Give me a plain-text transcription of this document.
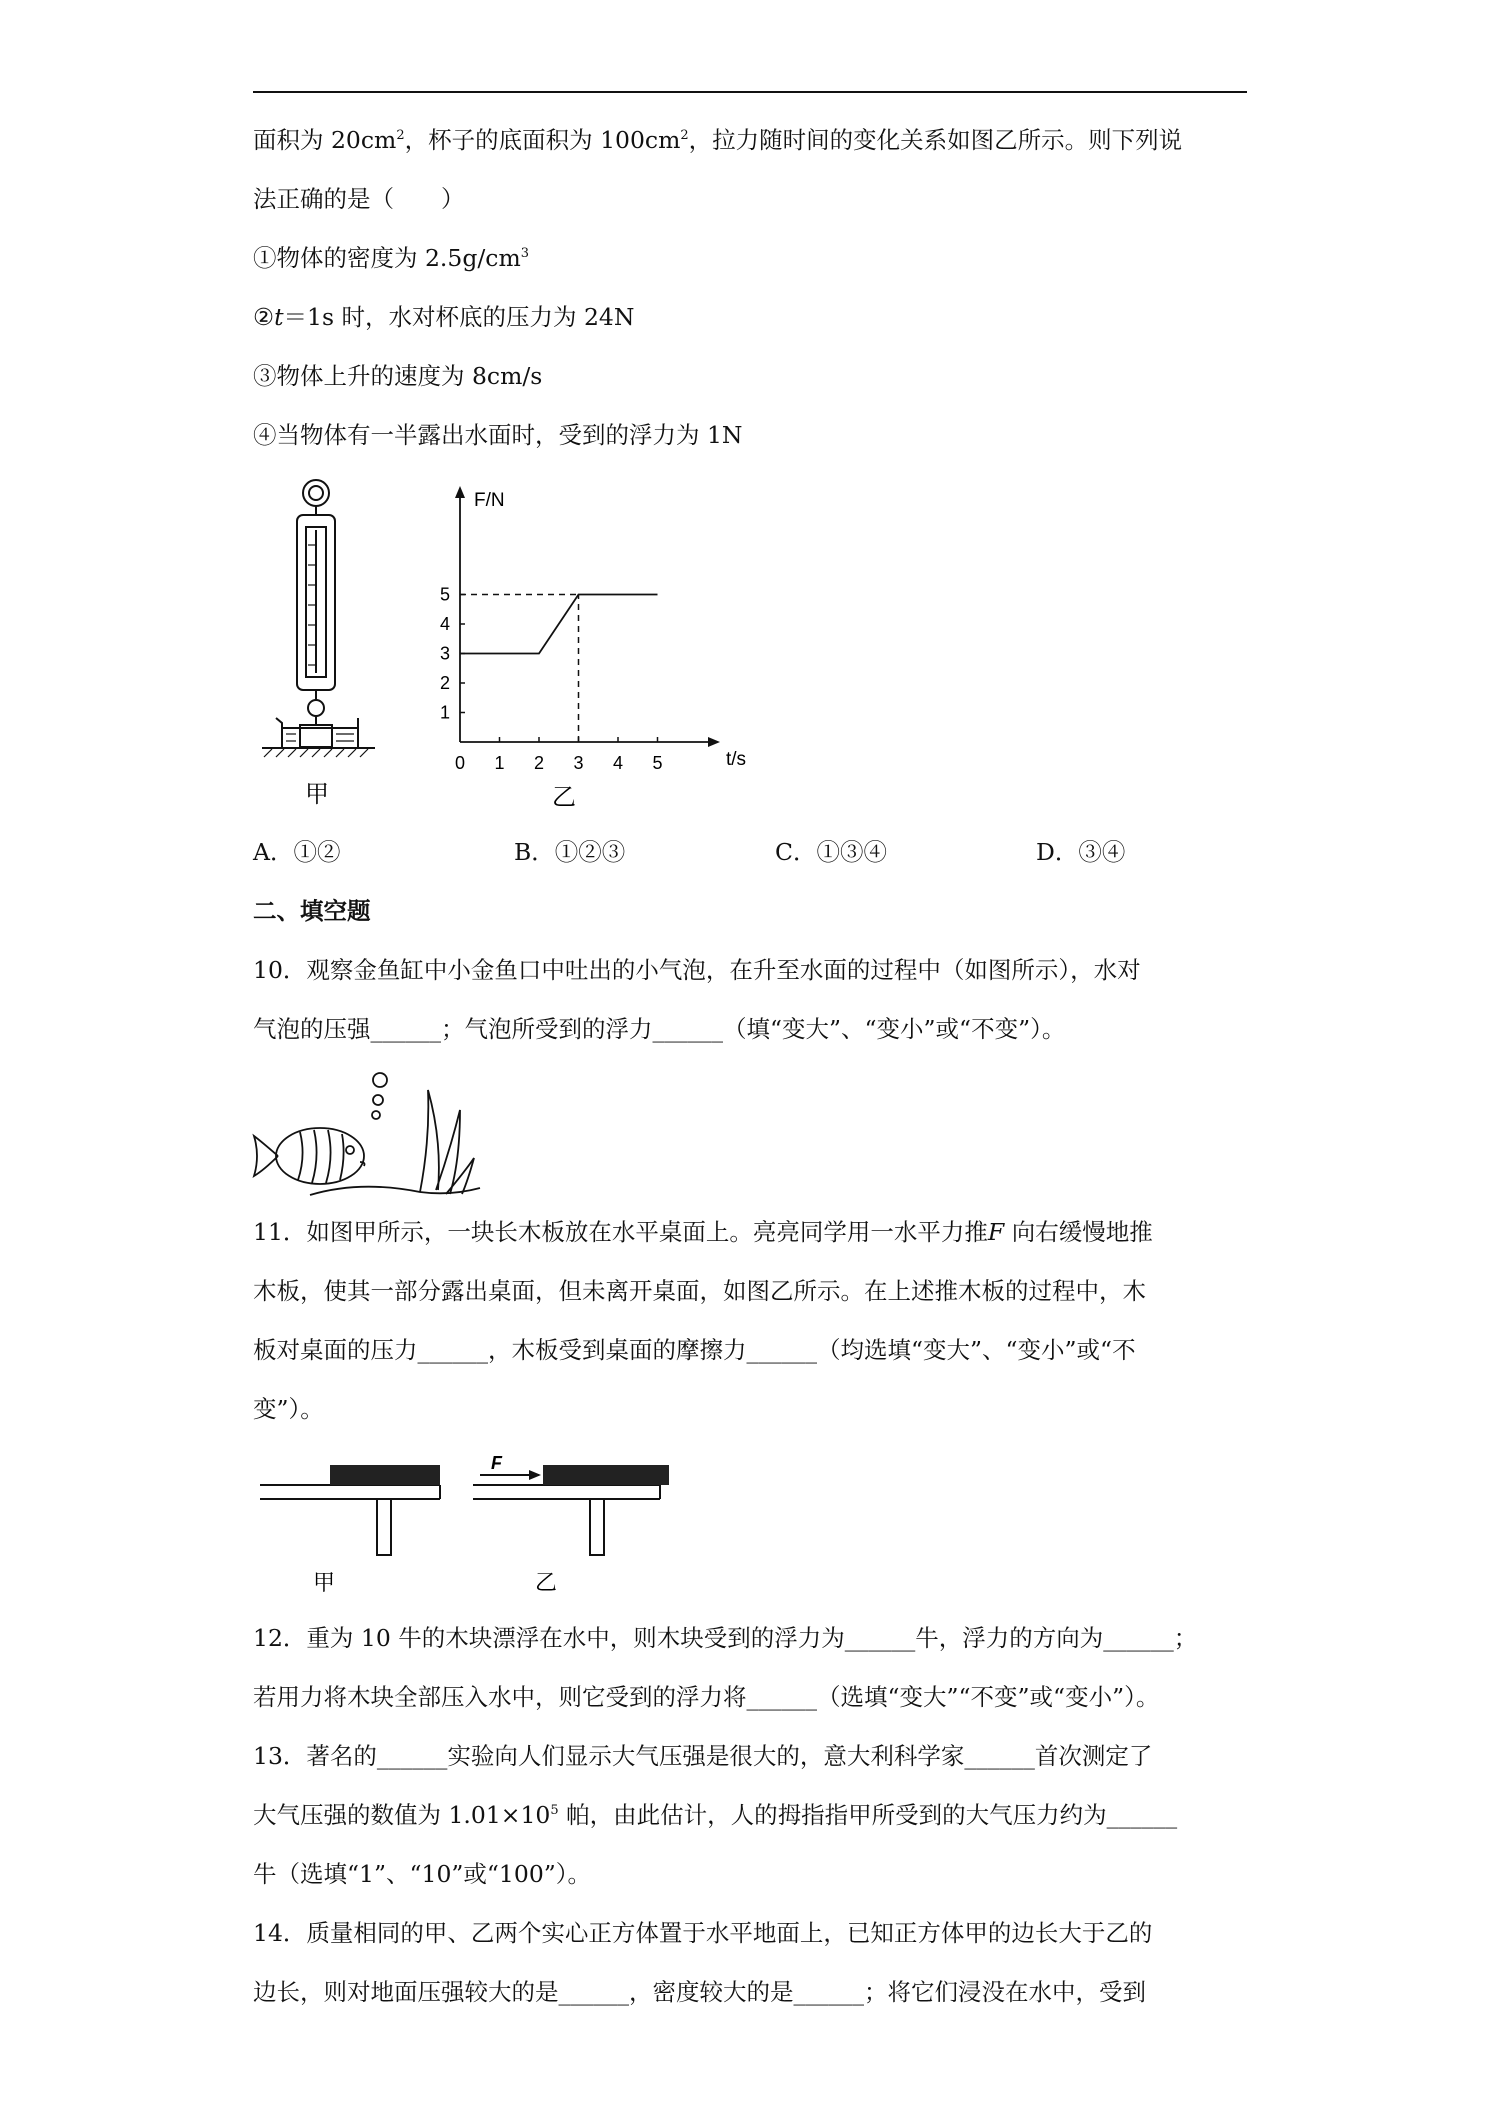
面积为 $20cm^2$，杯子的底面积为 $100cm^2$，拉力随时间的变化关系如图乙所示。则下列说
法正确的是（　　）
①物体的密度为 $2.5g/cm^3$
②t＝1s 时，水对杯底的压力为 24N
③物体上升的速度为 8cm/s
④当物体有一半露出水面时，受到的浮力为 1N
甲
0 1 2 3 4 5
1
2
3
4
5
F/N
t/s
乙
A．①②	B．①②③	C．①③④	D．③④
二、填空题
10．观察金鱼缸中小金鱼口中吐出的小气泡，在升至水面的过程中（如图所示），水对
气泡的压强______；气泡所受到的浮力______（填“变大”、“变小”或“不变”）。
11．如图甲所示，一块长木板放在水平桌面上。亮亮同学用一水平力推F 向右缓慢地推
木板，使其一部分露出桌面，但未离开桌面，如图乙所示。在上述推木板的过程中，木
板对桌面的压力______，木板受到桌面的摩擦力______（均选填“变大”、“变小”或“不
变”）。
F
甲	乙
12．重为 10 牛的木块漂浮在水中，则木块受到的浮力为______牛，浮力的方向为______；
若用力将木块全部压入水中，则它受到的浮力将______（选填“变大”“不变”或“变小”）。
13．著名的______实验向人们显示大气压强是很大的，意大利科学家______首次测定了
大气压强的数值为 $1.01\times 10^5$ 帕，由此估计，人的拇指指甲所受到的大气压力约为______
牛（选填“1”、“10”或“100”）。
14．质量相同的甲、乙两个实心正方体置于水平地面上，已知正方体甲的边长大于乙的
边长，则对地面压强较大的是______，密度较大的是______；将它们浸没在水中，受到
